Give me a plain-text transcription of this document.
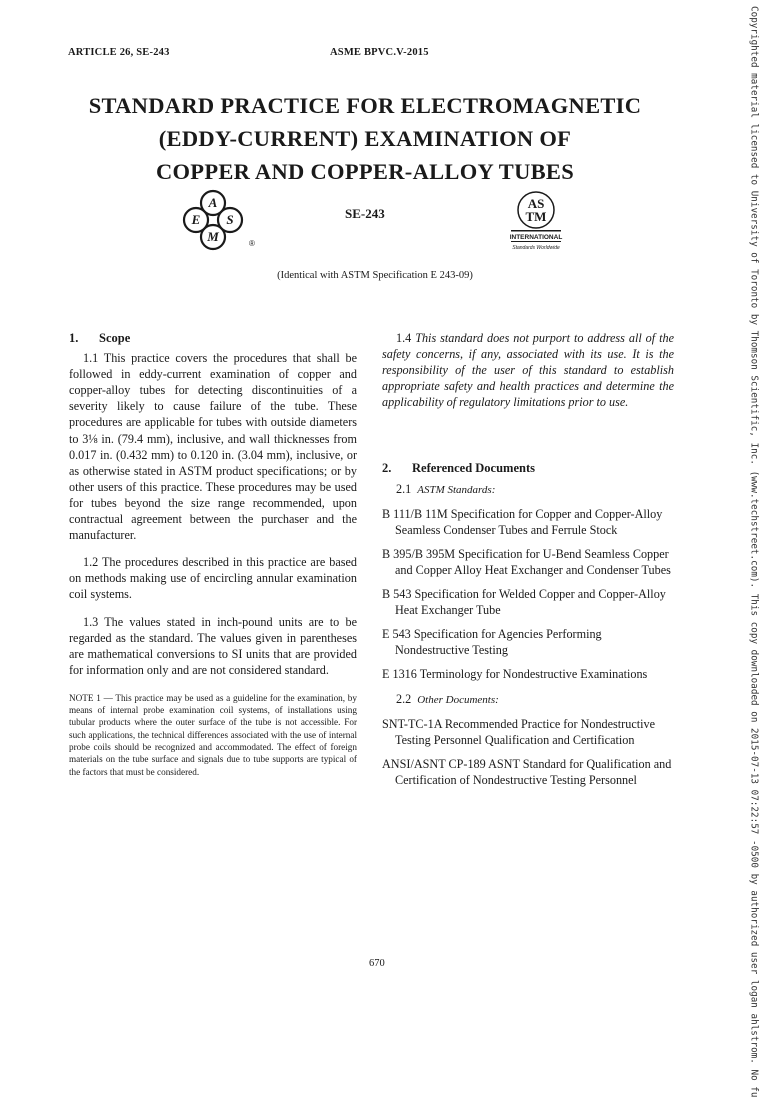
ARTICLE 26, SE-243	ASME BPVC.V-2015
STANDARD PRACTICE FOR ELECTROMAGNETIC
(EDDY-CURRENT) EXAMINATION OF
COPPER AND COPPER-ALLOY TUBES
A
E S
M	®
SE-243
AS
TM
INTERNATIONAL
Standards Worldwide
(Identical with ASTM Specification E 243-09)
1.	Scope

1.1 This practice covers the procedures that shall be followed in eddy-current examination of copper and copper-alloy tubes for detecting discontinuities of a severity likely to cause failure of the tube. These procedures are applicable for tubes with outside diameters to 3⅛ in. (79.4 mm), inclusive, and wall thicknesses from 0.017 in. (0.432 mm) to 0.120 in. (3.04 mm), inclusive, or as otherwise stated in ASTM product specifications; or by other users of this practice. These procedures may be used for tubes beyond the size range recommended, upon contractual agreement between the purchaser and the manufacturer.

1.2 The procedures described in this practice are based on methods making use of encircling annular examination coil systems.

1.3 The values stated in inch-pound units are to be regarded as the standard. The values given in parentheses are mathematical conversions to SI units that are provided for information only and are not considered standard.

NOTE 1 — This practice may be used as a guideline for the examination, by means of internal probe examination coil systems, of installations using tubular products where the outer surface of the tube is not accessible. For such applications, the technical differences associated with the use of internal probe coils should be recognized and accommodated. The effect of foreign materials on the tube surface and signals due to tube supports are typical of the factors that must be considered.

1.4 This standard does not purport to address all of the safety concerns, if any, associated with its use. It is the responsibility of the user of this standard to establish appropriate safety and health practices and determine the applicability of regulatory limitations prior to use.

2.	Referenced Documents
2.1 ASTM Standards:
B 111/B 11M Specification for Copper and Copper-Alloy Seamless Condenser Tubes and Ferrule Stock
B 395/B 395M Specification for U-Bend Seamless Copper and Copper Alloy Heat Exchanger and Condenser Tubes
B 543 Specification for Welded Copper and Copper-Alloy Heat Exchanger Tube
E 543 Specification for Agencies Performing Nondestructive Testing
E 1316 Terminology for Nondestructive Examinations
2.2 Other Documents:
SNT-TC-1A Recommended Practice for Nondestructive Testing Personnel Qualification and Certification
ANSI/ASNT CP-189 ASNT Standard for Qualification and Certification of Nondestructive Testing Personnel
670	Copyrighted material licensed to University of Toronto by Thomson Scientific, Inc. (www.techstreet.com). This copy downloaded on 2015-07-13 07:22:57 -0500 by authorized user logan ahlstrom. No fu
